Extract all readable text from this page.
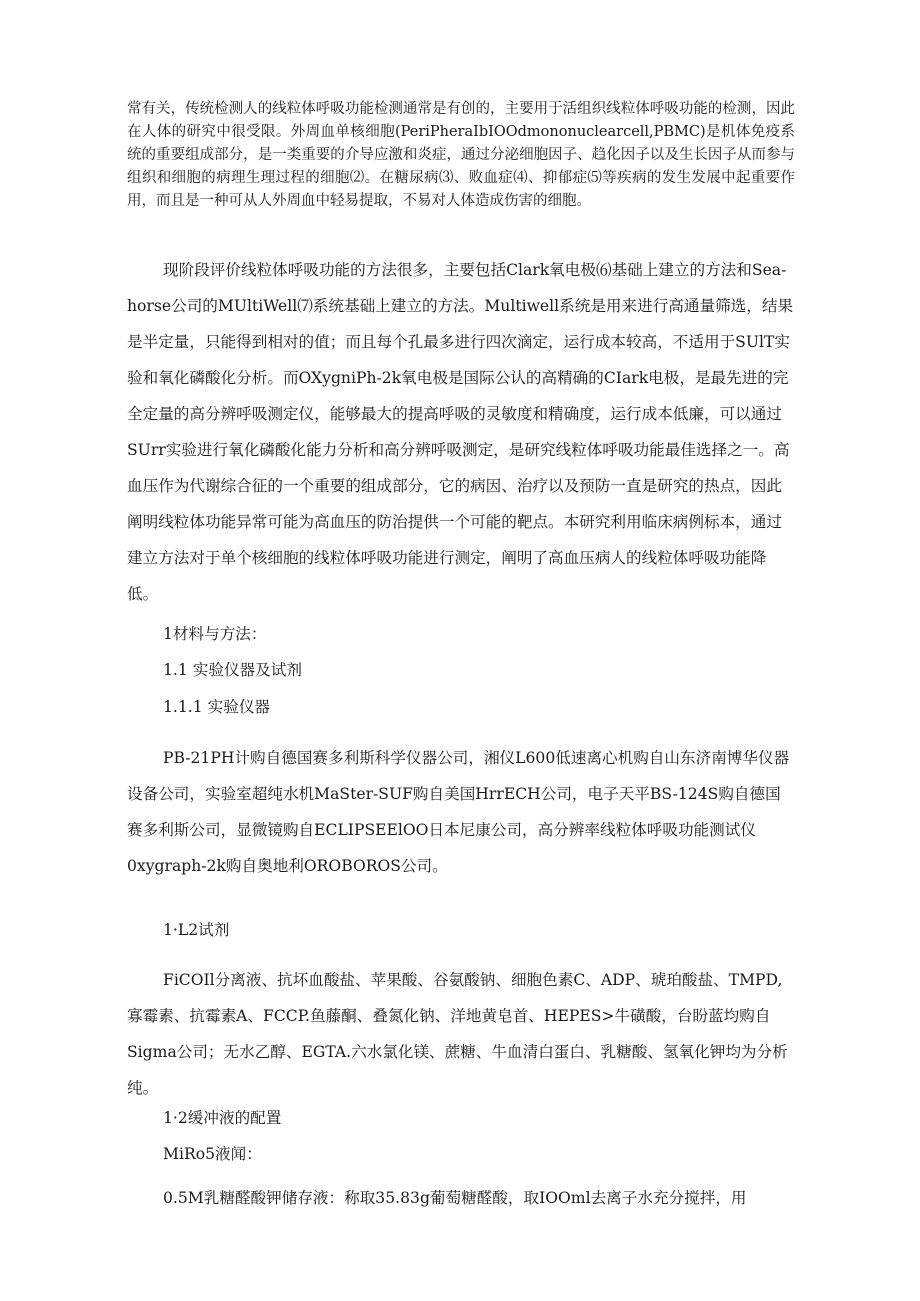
常有关，传统检测人的线粒体呼吸功能检测通常是有创的，主要用于活组织线粒体呼吸功能的检测，因此在人体的研究中很受限。外周血单核细胞(PeriPheraIbIOOdmononuclearcell,PBMC)是机体免疫系统的重要组成部分，是一类重要的介导应激和炎症，通过分泌细胞因子、趋化因子以及生长因子从而参与组织和细胞的病理生理过程的细胞⑵。在糖尿病⑶、败血症⑷、抑郁症⑸等疾病的发生发展中起重要作用，而且是一种可从人外周血中轻易提取，不易对人体造成伤害的细胞。

现阶段评价线粒体呼吸功能的方法很多，主要包括Clark氧电极⑹基础上建立的方法和Sea-horse公司的MUltiWell⑺系统基础上建立的方法。Multiwell系统是用来进行高通量筛选，结果是半定量，只能得到相对的值；而且每个孔最多进行四次滴定，运行成本较高，不适用于SUlT实验和氧化磷酸化分析。而OXygniPh-2k氧电极是国际公认的高精确的CIark电极，是最先进的完全定量的高分辨呼吸测定仪，能够最大的提高呼吸的灵敏度和精确度，运行成本低廉，可以通过SUrr实验进行氧化磷酸化能力分析和高分辨呼吸测定，是研究线粒体呼吸功能最佳选择之一。高血压作为代谢综合征的一个重要的组成部分，它的病因、治疗以及预防一直是研究的热点，因此阐明线粒体功能异常可能为高血压的防治提供一个可能的靶点。本研究利用临床病例标本，通过建立方法对于单个核细胞的线粒体呼吸功能进行测定，阐明了高血压病人的线粒体呼吸功能降低。

1材料与方法：

1.1 实验仪器及试剂

1.1.1 实验仪器

PB-21PH计购自德国赛多利斯科学仪器公司，湘仪L600低速离心机购自山东济南博华仪器设备公司，实验室超纯水机MaSter-SUF购自美国HrrECH公司，电子天平BS-124S购自德国赛多利斯公司，显微镜购自ECLIPSEElOO日本尼康公司，高分辨率线粒体呼吸功能测试仪0xygraph-2k购自奥地利OROBOROS公司。

1·L2试剂

FiCOIl分离液、抗坏血酸盐、苹果酸、谷氨酸钠、细胞色素C、ADP、琥珀酸盐、TMPD,寡霉素、抗霉素A、FCCP.鱼藤酮、叠氮化钠、洋地黄皂首、HEPES>牛磺酸，台盼蓝均购自Sigma公司；无水乙醇、EGTA.六水氯化镁、蔗糖、牛血清白蛋白、乳糖酸、氢氧化钾均为分析纯。

1·2缓冲液的配置

MiRo5液闻：

0.5M乳糖醛酸钾储存液：称取35.83g葡萄糖醛酸，取IOOml去离子水充分搅拌，用
